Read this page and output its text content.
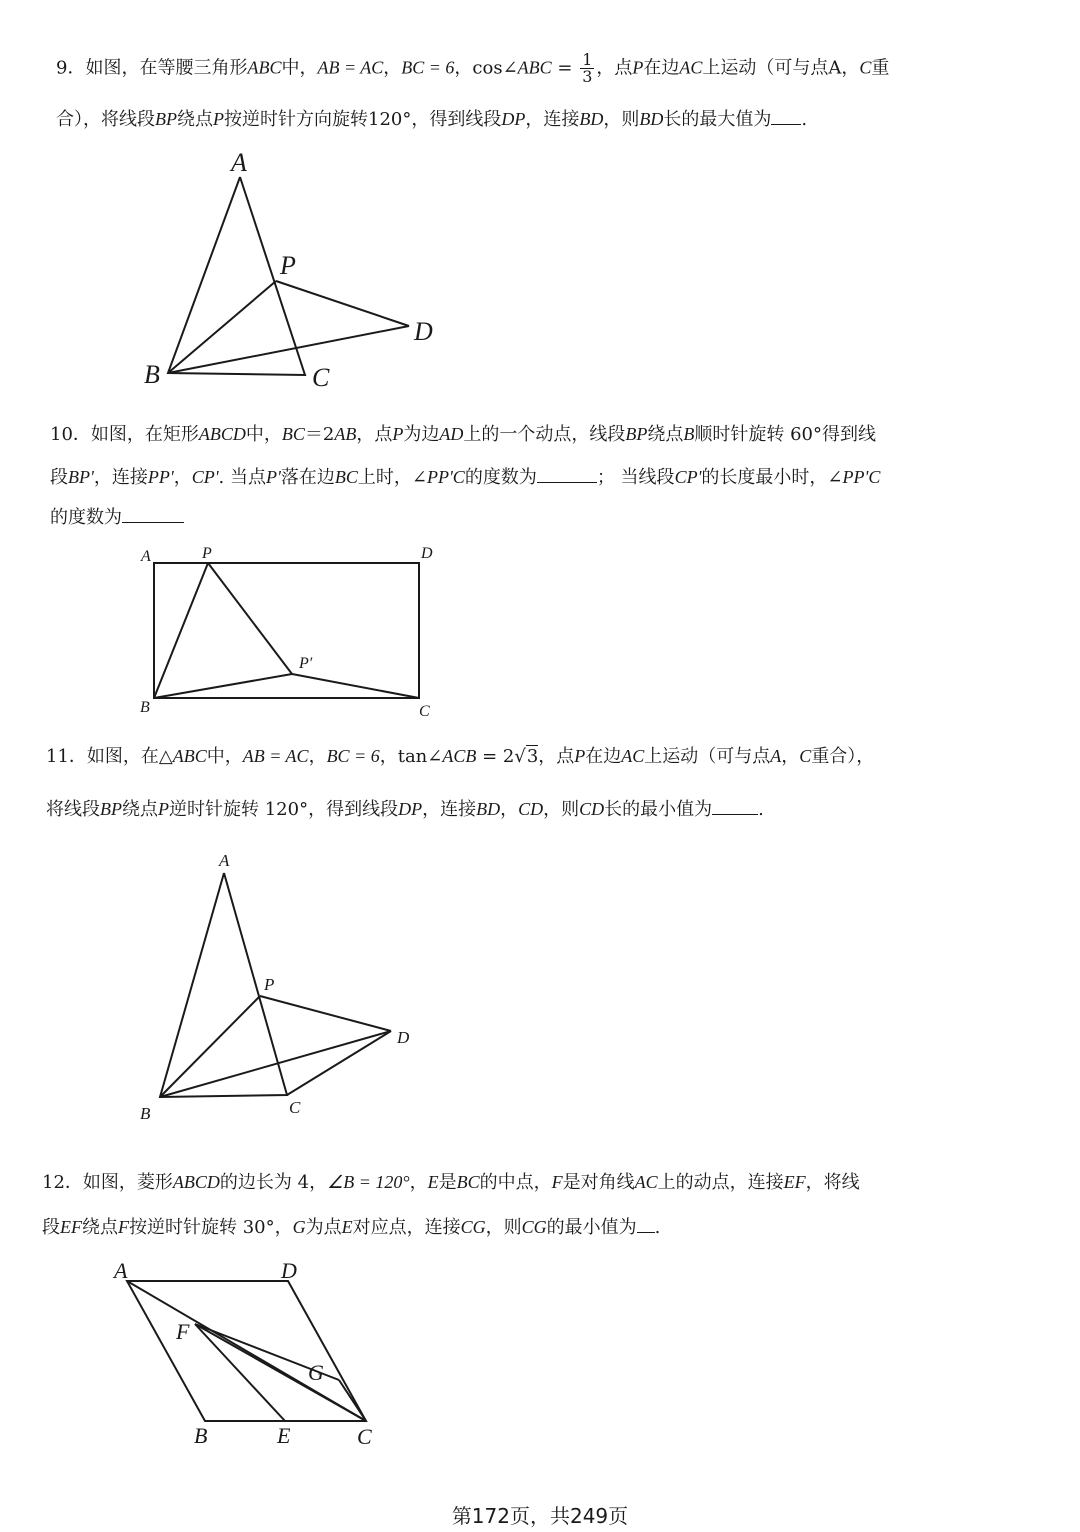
9．如图，在等腰三角形ABC中，AB = AC，BC = 6，cos∠ABC = $\frac{1}{3}$ ，点P在边AC上运动（可与点A，C重
合），将线段BP绕点P按逆时针方向旋转120°，得到线段DP，连接BD，则BD长的最大值为 .
A
P
D
B	C
10．如图，在矩形ABCD中，BC＝2AB，点P为边AD上的一个动点，线段BP绕点B顺时针旋转 60°得到线
段BP'，连接PP'，CP'. 当点P'落在边BC上时，∠PP'C的度数为	； 当线段CP'的长度最小时，∠PP'C
的度数为
A	P	D
P′
B	C
11．如图，在△ABC中，AB = AC，BC = 6，tan∠ACB = 2√3，点P在边AC上运动（可与点A，C重合），
将线段BP绕点P逆时针旋转 120°，得到线段DP，连接BD，CD，则CD长的最小值为	.
A
P
D
B	C
12．如图，菱形ABCD的边长为 4，∠B = 120°，E是BC的中点，F是对角线AC上的动点，连接EF，将线
段EF绕点F按逆时针旋转 30°，G为点E对应点，连接CG，则CG的最小值为 .
A	D
F
G
B	E	C
第172页，共249页
